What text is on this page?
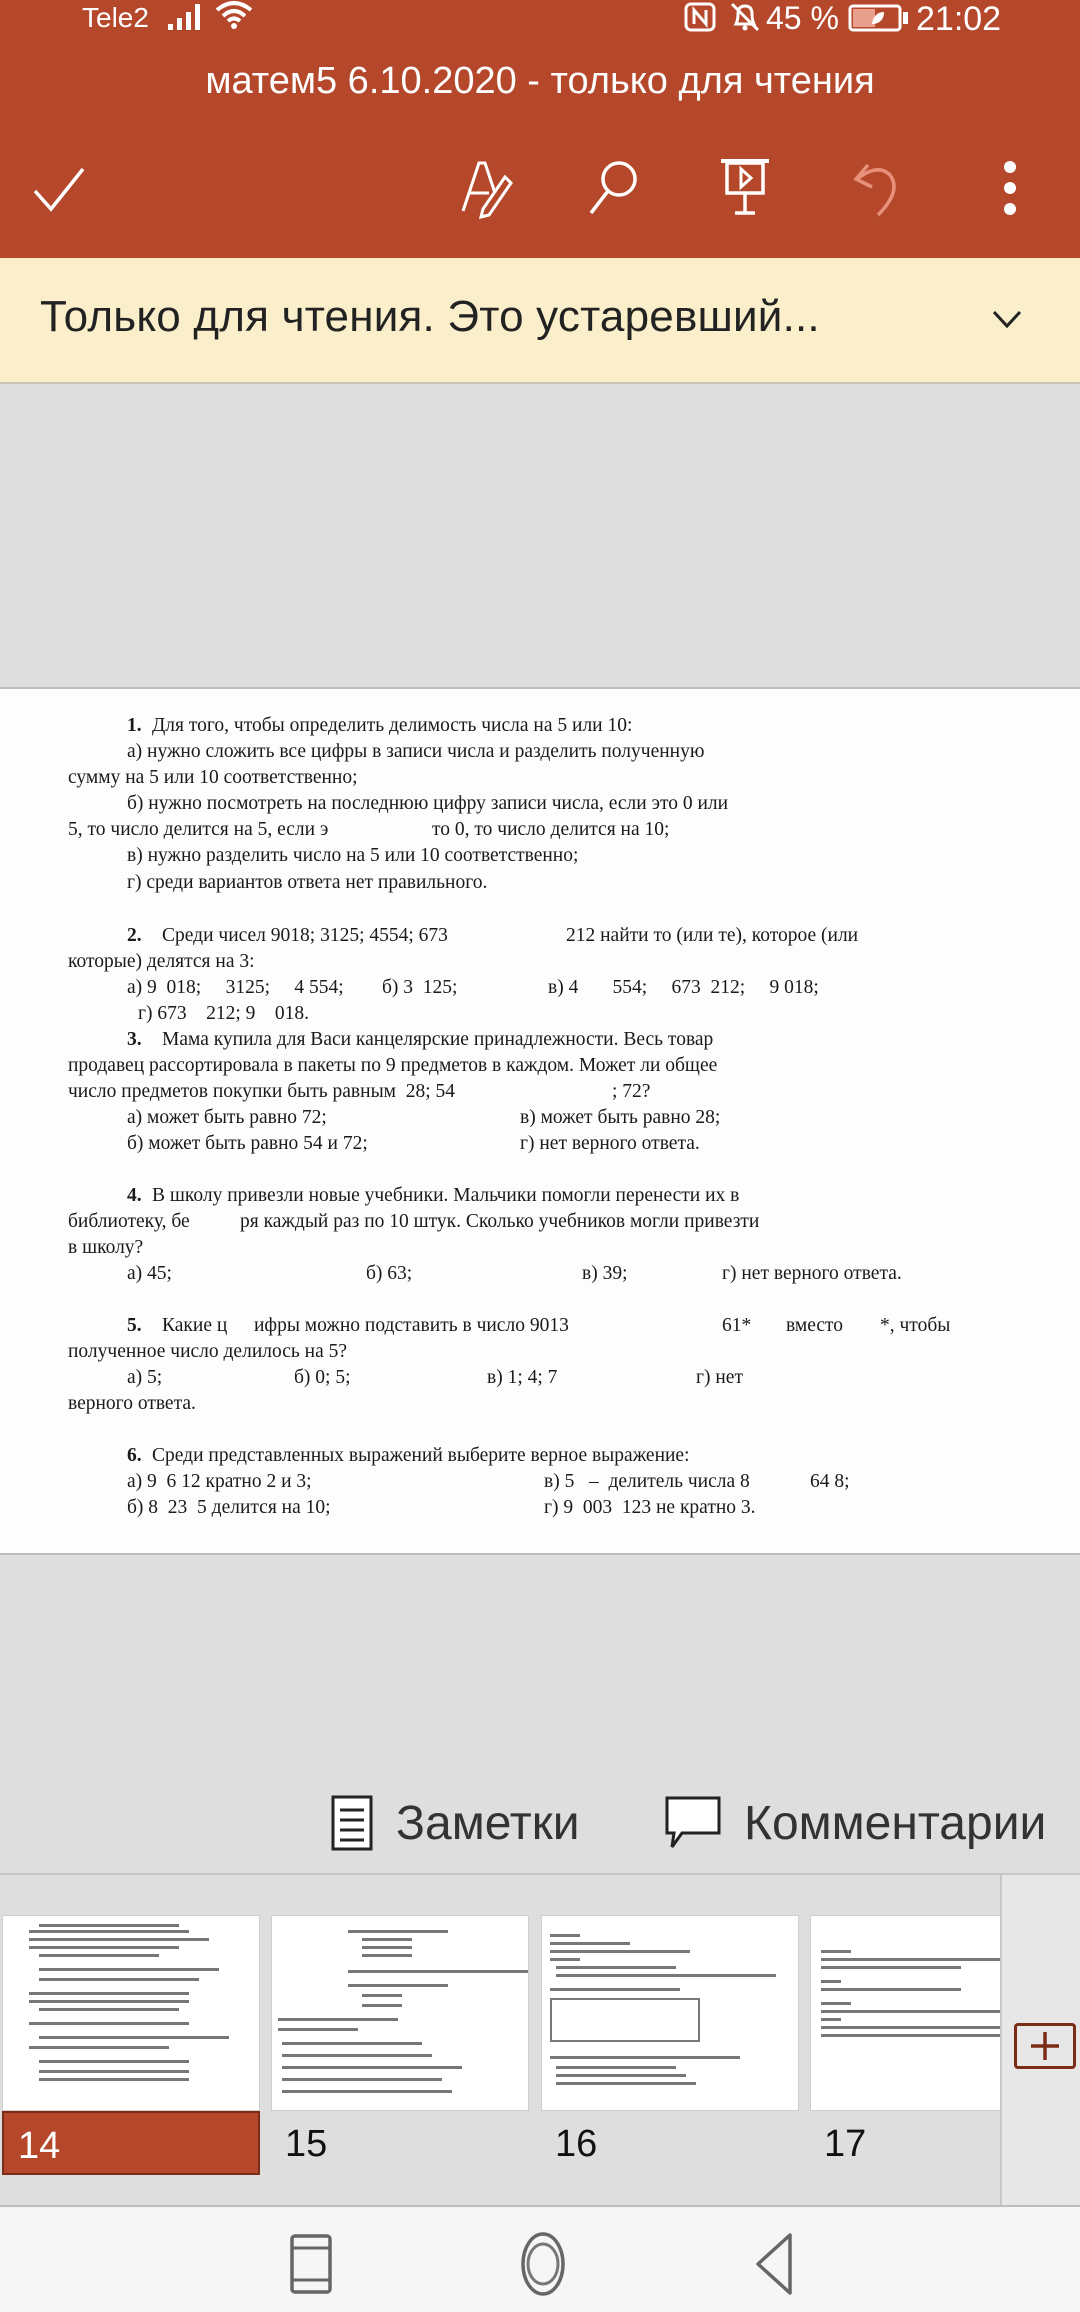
Tele2	45 % 21:02
матем5 6.10.2020 - только для чтения
Только для чтения. Это устаревший...
1. Для того, чтобы определить делимость числа на 5 или 10:
а) нужно сложить все цифры в записи числа и разделить полученную
сумму на 5 или 10 соответственно;
б) нужно посмотреть на последнюю цифру записи числа, если это 0 или
5, то число делится на 5, если э	то 0, то число делится на 10;
в) нужно разделить число на 5 или 10 соответственно;
г) среди вариантов ответа нет правильного.
2. Среди чисел 9018; 3125; 4554; 673	212 найти то (или те), которое (или
которые) делятся на 3:
а) 9  018;     3125;     4 554; б) 3  125;	в) 4       554;     673  212;     9 018;
г) 673    212; 9    018.
3. Мама купила для Васи канцелярские принадлежности. Весь товар
продавец рассортировала в пакеты по 9 предметов в каждом. Может ли общее
число предметов покупки быть равным  28; 54	; 72?
а) может быть равно 72;	в) может быть равно 28;
б) может быть равно 54 и 72;	г) нет верного ответа.
4. В школу привезли новые учебники. Мальчики помогли перенести их в
библиотеку, бе	ря каждый раз по 10 штук. Сколько учебников могли привезти
в школу?
а) 45;	б) 63;	в) 39;	г) нет верного ответа.
5. Какие ц ифры можно подставить в число 9013	61* вместо *, чтобы
полученное число делилось на 5?
а) 5;	б) 0; 5;	в) 1; 4; 7	г) нет
верного ответа.
6. Среди представленных выражений выберите верное выражение:
а) 9  6 12 кратно 2 и 3;	в) 5   –  делитель числа 8	64 8;
б) 8  23  5 делится на 10;	г) 9  003  123 не кратно 3.
Заметки	Комментарии
14	15	16	17
